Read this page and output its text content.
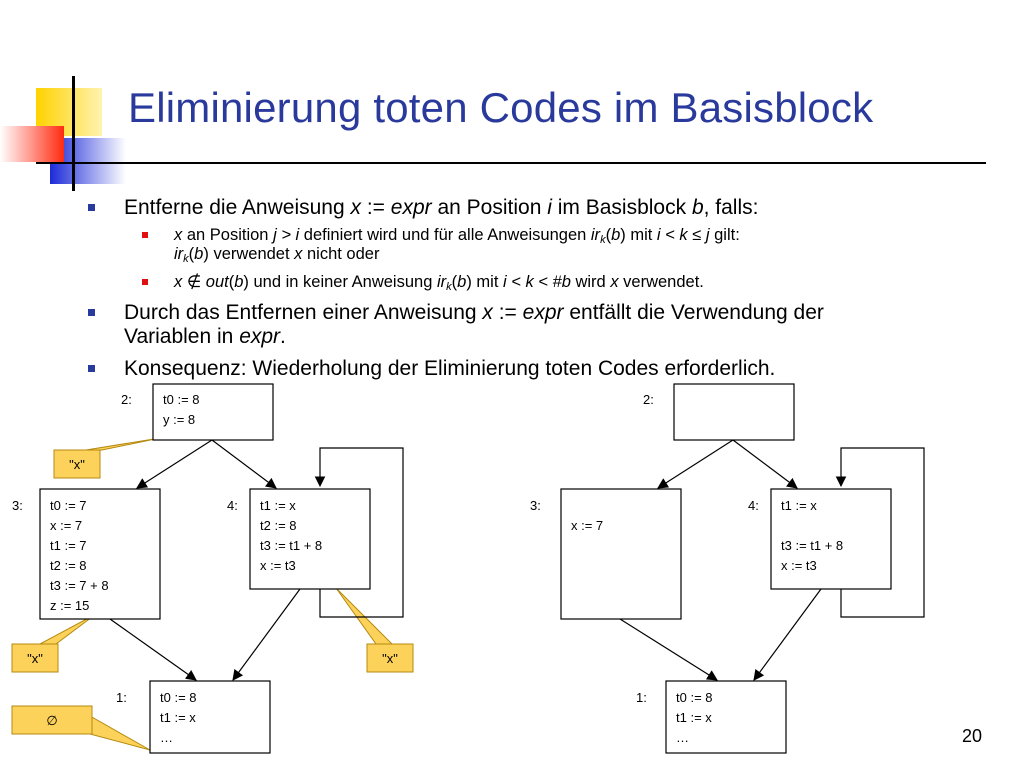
Eliminierung toten Codes im Basisblock
Entferne die Anweisung x := expr an Position i im Basisblock b, falls:
x an Position j > i definiert wird und für alle Anweisungen $ir_k(b)$ mit i < k ≤ j gilt:
$ir_k(b)$ verwendet x nicht oder
x ∉ out(b) und in keiner Anweisung $ir_k(b)$ mit i < k < #b wird x verwendet.
Durch das Entfernen einer Anweisung x := expr entfällt die Verwendung der
Variablen in expr.
Konsequenz: Wiederholung der Eliminierung toten Codes erforderlich.
"x"
"x"	"x"
∅
2: t0 := 8
y := 8
3: t0 := 7
x := 7
t1 := 7
t2 := 8
t3 := 7 + 8
z := 15
4: t1 := x
t2 := 8
t3 := t1 + 8
x := t3
1:	t0 := 8
t1 := x
…
2:
3:
x := 7
4: t1 := x
t3 := t1 + 8
x := t3
1: t0 := 8
t1 := x
…	20
